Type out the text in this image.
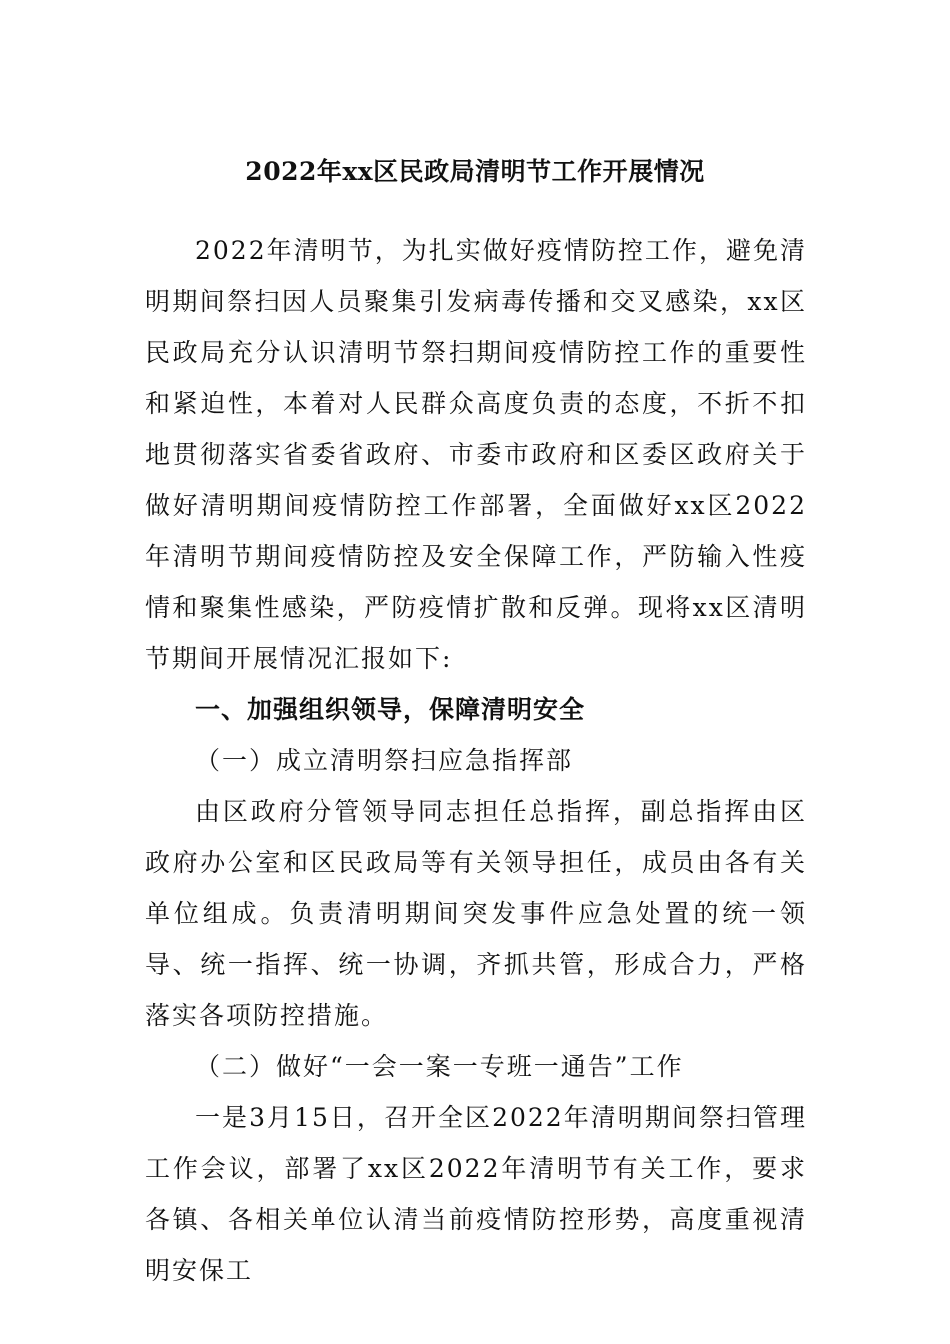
2022年xx区民政局清明节工作开展情况

2022年清明节，为扎实做好疫情防控工作，避免清明期间祭扫因人员聚集引发病毒传播和交叉感染，xx区民政局充分认识清明节祭扫期间疫情防控工作的重要性和紧迫性，本着对人民群众高度负责的态度，不折不扣地贯彻落实省委省政府、市委市政府和区委区政府关于做好清明期间疫情防控工作部署，全面做好xx区2022年清明节期间疫情防控及安全保障工作，严防输入性疫情和聚集性感染，严防疫情扩散和反弹。现将xx区清明节期间开展情况汇报如下:

一、加强组织领导，保障清明安全

（一）成立清明祭扫应急指挥部

由区政府分管领导同志担任总指挥，副总指挥由区政府办公室和区民政局等有关领导担任，成员由各有关单位组成。负责清明期间突发事件应急处置的统一领导、统一指挥、统一协调，齐抓共管，形成合力，严格落实各项防控措施。

（二）做好“一会一案一专班一通告”工作

一是3月15日，召开全区2022年清明期间祭扫管理工作会议，部署了xx区2022年清明节有关工作，要求各镇、各相关单位认清当前疫情防控形势，高度重视清明安保工
